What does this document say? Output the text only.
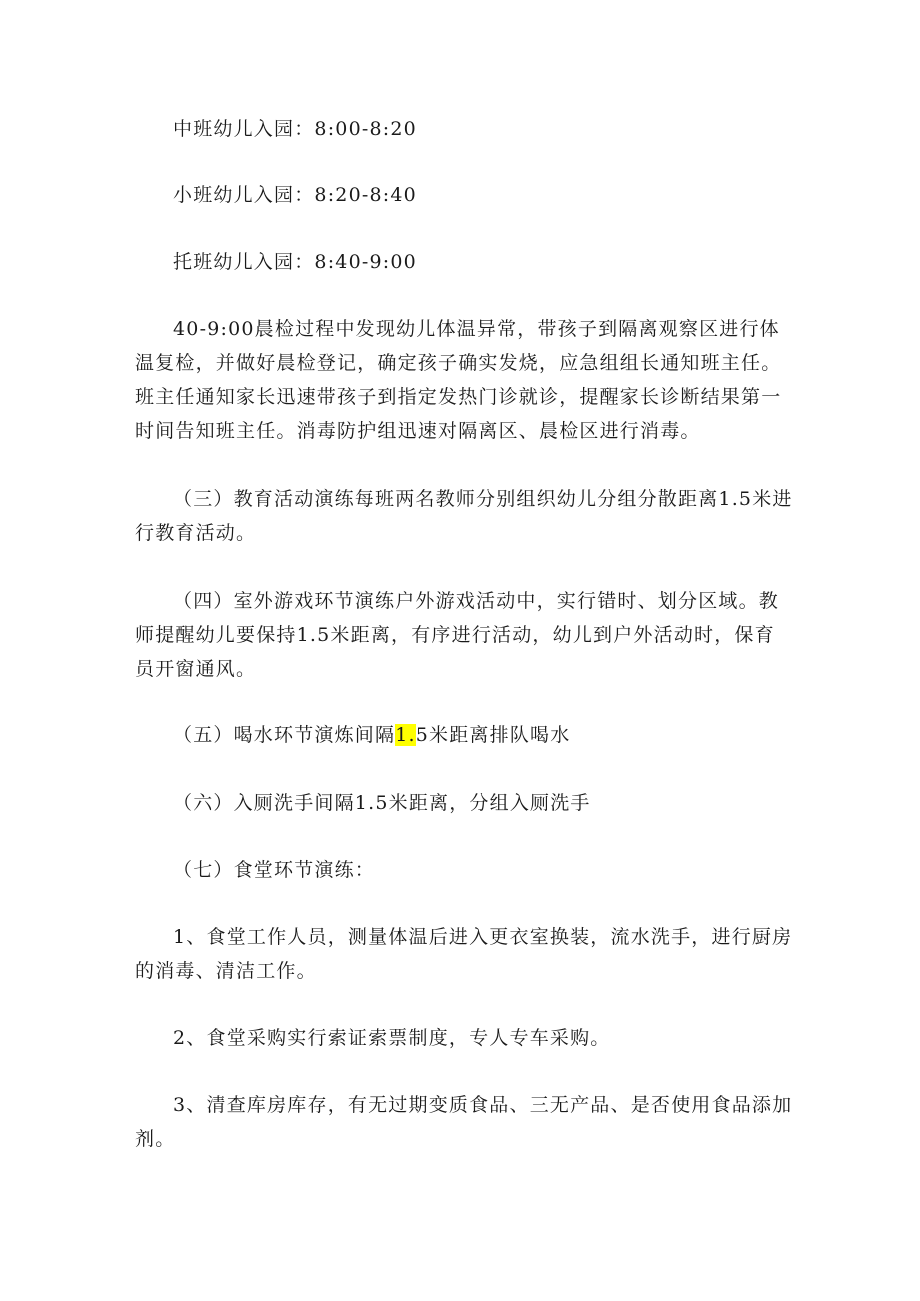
中班幼儿入园：8:00-8:20

小班幼儿入园：8:20-8:40

托班幼儿入园：8:40-9:00

40-9:00晨检过程中发现幼儿体温异常，带孩子到隔离观察区进行体温复检，并做好晨检登记，确定孩子确实发烧，应急组组长通知班主任。班主任通知家长迅速带孩子到指定发热门诊就诊，提醒家长诊断结果第一时间告知班主任。消毒防护组迅速对隔离区、晨检区进行消毒。

（三）教育活动演练每班两名教师分别组织幼儿分组分散距离1.5米进行教育活动。

（四）室外游戏环节演练户外游戏活动中，实行错时、划分区域。教师提醒幼儿要保持1.5米距离，有序进行活动，幼儿到户外活动时，保育员开窗通风。

（五）喝水环节演炼间隔1.5米距离排队喝水

（六）入厕洗手间隔1.5米距离，分组入厕洗手

（七）食堂环节演练：

1、食堂工作人员，测量体温后进入更衣室换装，流水洗手，进行厨房的消毒、清洁工作。

2、食堂采购实行索证索票制度，专人专车采购。

3、清查库房库存，有无过期变质食品、三无产品、是否使用食品添加剂。
